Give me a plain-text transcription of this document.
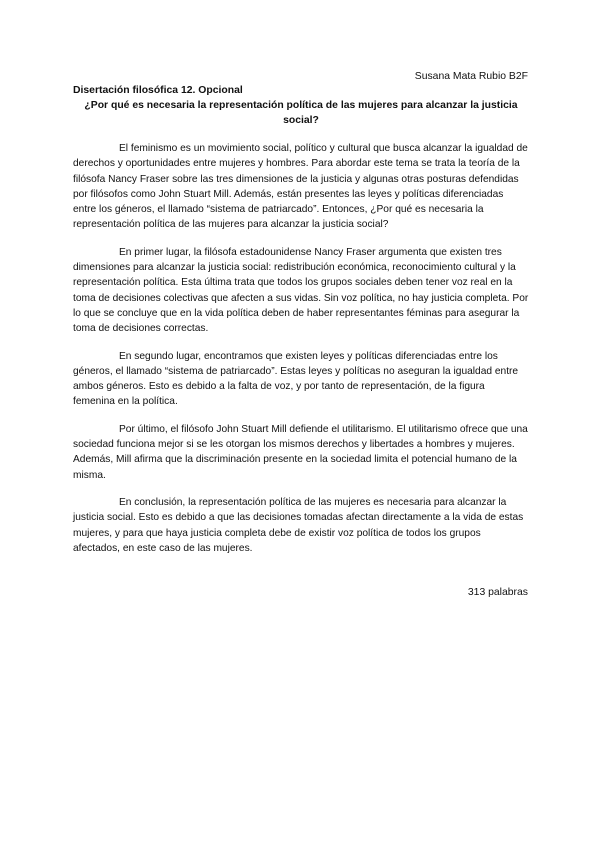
Susana Mata Rubio B2F
Disertación filosófica 12. Opcional
¿Por qué es necesaria la representación política de las mujeres para alcanzar la justicia social?

El feminismo es un movimiento social, político y cultural que busca alcanzar la igualdad de derechos y oportunidades entre mujeres y hombres. Para abordar este tema se trata la teoría de la filósofa Nancy Fraser sobre las tres dimensiones de la justicia y algunas otras posturas defendidas por filósofos como John Stuart Mill. Además, están presentes las leyes y políticas diferenciadas entre los géneros, el llamado “sistema de patriarcado”. Entonces, ¿Por qué es necesaria la representación política de las mujeres para alcanzar la justicia social?

En primer lugar, la filósofa estadounidense Nancy Fraser argumenta que existen tres dimensiones para alcanzar la justicia social: redistribución económica, reconocimiento cultural y la representación política. Esta última trata que todos los grupos sociales deben tener voz real en la toma de decisiones colectivas que afecten a sus vidas. Sin voz política, no hay justicia completa. Por lo que se concluye que en la vida política deben de haber representantes féminas para asegurar la toma de decisiones correctas.

En segundo lugar, encontramos que existen leyes y políticas diferenciadas entre los géneros, el llamado “sistema de patriarcado”. Estas leyes y políticas no aseguran la igualdad entre ambos géneros. Esto es debido a la falta de voz, y por tanto de representación, de la figura femenina en la política.

Por último, el filósofo John Stuart Mill defiende el utilitarismo. El utilitarismo ofrece que una sociedad funciona mejor si se les otorgan los mismos derechos y libertades a hombres y mujeres. Además, Mill afirma que la discriminación presente en la sociedad limita el potencial humano de la misma.

En conclusión, la representación política de las mujeres es necesaria para alcanzar la justicia social. Esto es debido a que las decisiones tomadas afectan directamente a la vida de estas mujeres, y para que haya justicia completa debe de existir voz política de todos los grupos afectados, en este caso de las mujeres.

313 palabras
